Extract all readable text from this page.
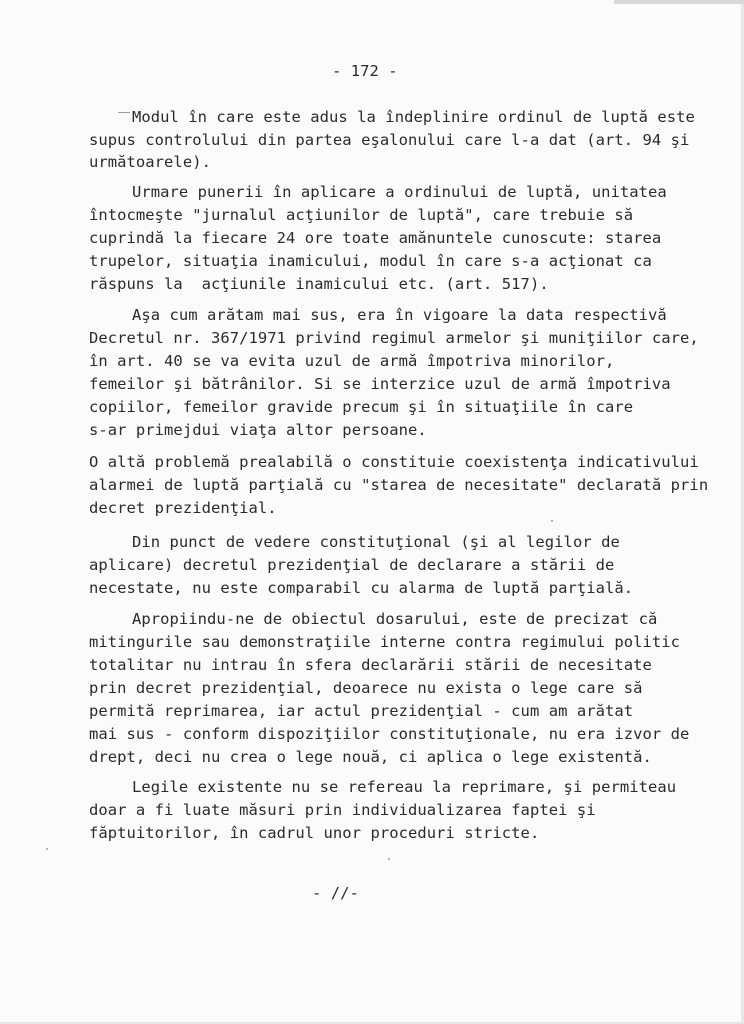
- 172 -
Modul în care este adus la îndeplinire ordinul de luptă este
supus controlului din partea eşalonului care l-a dat (art. 94 şi
următoarele).
Urmare punerii în aplicare a ordinului de luptă, unitatea
întocmeşte "jurnalul acţiunilor de luptă", care trebuie să
cuprindă la fiecare 24 ore toate amănuntele cunoscute: starea
trupelor, situaţia inamicului, modul în care s-a acţionat ca
răspuns la  acţiunile inamicului etc. (art. 517).
Aşa cum arătam mai sus, era în vigoare la data respectivă
Decretul nr. 367/1971 privind regimul armelor şi muniţiilor care,
în art. 40 se va evita uzul de armă împotriva minorilor,
femeilor şi bătrânilor. Si se interzice uzul de armă împotriva
copiilor, femeilor gravide precum şi în situaţiile în care
s-ar primejdui viaţa altor persoane.
O altă problemă prealabilă o constituie coexistenţa indicativului
alarmei de luptă parţială cu "starea de necesitate" declarată prin
decret prezidenţial.
Din punct de vedere constituţional (şi al legilor de
aplicare) decretul prezidenţial de declarare a stării de
necestate, nu este comparabil cu alarma de luptă parţială.
Apropiindu-ne de obiectul dosarului, este de precizat că
mitingurile sau demonstraţiile interne contra regimului politic
totalitar nu intrau în sfera declarării stării de necesitate
prin decret prezidenţial, deoarece nu exista o lege care să
permită reprimarea, iar actul prezidenţial - cum am arătat
mai sus - conform dispoziţiilor constituţionale, nu era izvor de
drept, deci nu crea o lege nouă, ci aplica o lege existentă.
Legile existente nu se refereau la reprimare, şi permiteau
doar a fi luate măsuri prin individualizarea faptei şi
făptuitorilor, în cadrul unor proceduri stricte.
- //-
